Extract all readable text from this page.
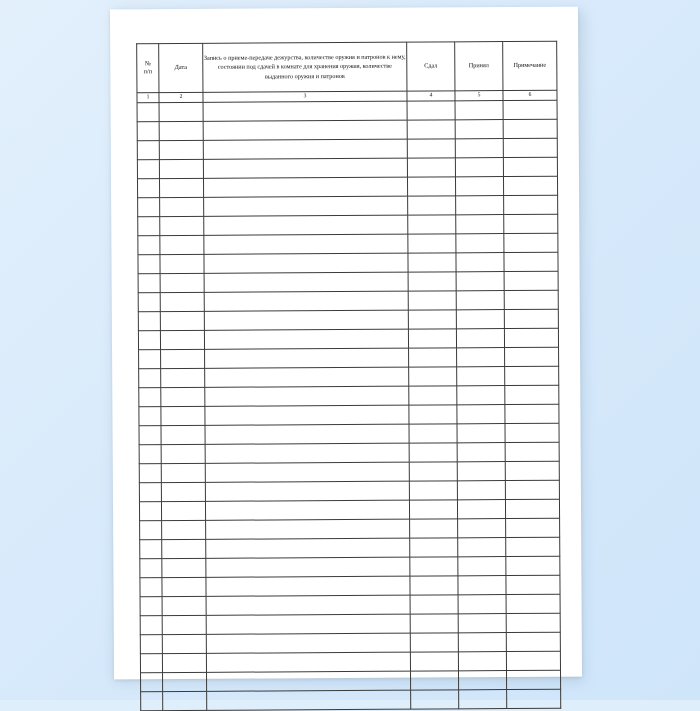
№
п/п	Дата	Запись о приеме-передаче дежурства, количестве оружия и патронов к нему, состоянии под сдачей в комнате для хранения оружия, количестве выданного оружия и патронов	Сдал	Принял	Примечание
1	2	3	4	5	6
